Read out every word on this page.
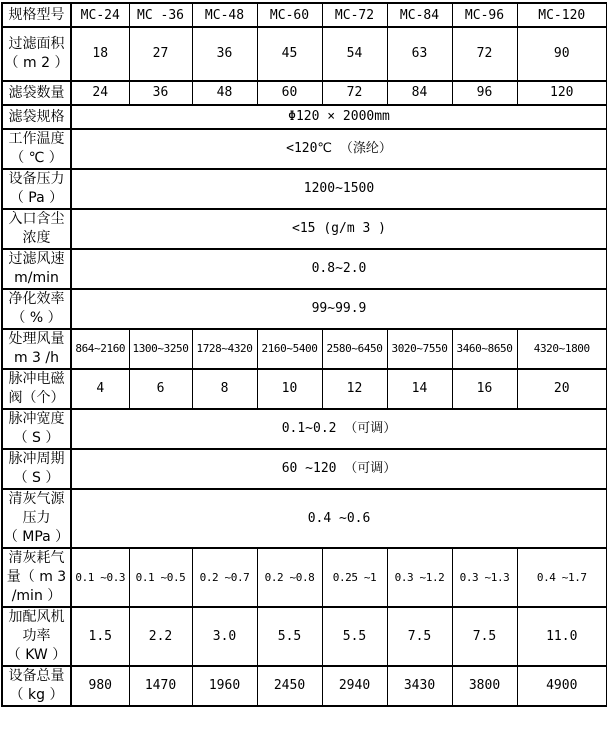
规格型号	MC-24	MC -36	MC-48	MC-60	MC-72	MC-84	MC-96	MC-120

过滤面积
（ m 2 ）	18	27	36	45	54	63	72	90

滤袋数量	24	36	48	60	72	84	96	120

滤袋规格	Φ120 × 2000mm							

工作温度
（ ℃ ）	<120℃ （涤纶）							

设备压力
（ Pa ）	1200~1500							

入口含尘
浓度	<15 (g/m 3 )							

过滤风速
m/min	0.8~2.0							

净化效率
（ % ）	99~99.9							

处理风量
m 3 /h	864~2160	1300~3250	1728~4320	2160~5400	2580~6450	3020~7550	3460~8650	4320~1800

脉冲电磁
阀（个）	4	6	8	10	12	14	16	20

脉冲宽度
（ S ）	0.1~0.2 （可调）							

脉冲周期
（ S ）	60 ~120 （可调）							

清灰气源
压力
（ MPa ）	0.4 ~0.6							

清灰耗气
量（ m 3
/min ）	0.1 ~0.3	0.1 ~0.5	0.2 ~0.7	0.2 ~0.8	0.25 ~1	0.3 ~1.2	0.3 ~1.3	0.4 ~1.7

加配风机
功率
（ KW ）	1.5	2.2	3.0	5.5	5.5	7.5	7.5	11.0

设备总量
（ kg ）	980	1470	1960	2450	2940	3430	3800	4900
